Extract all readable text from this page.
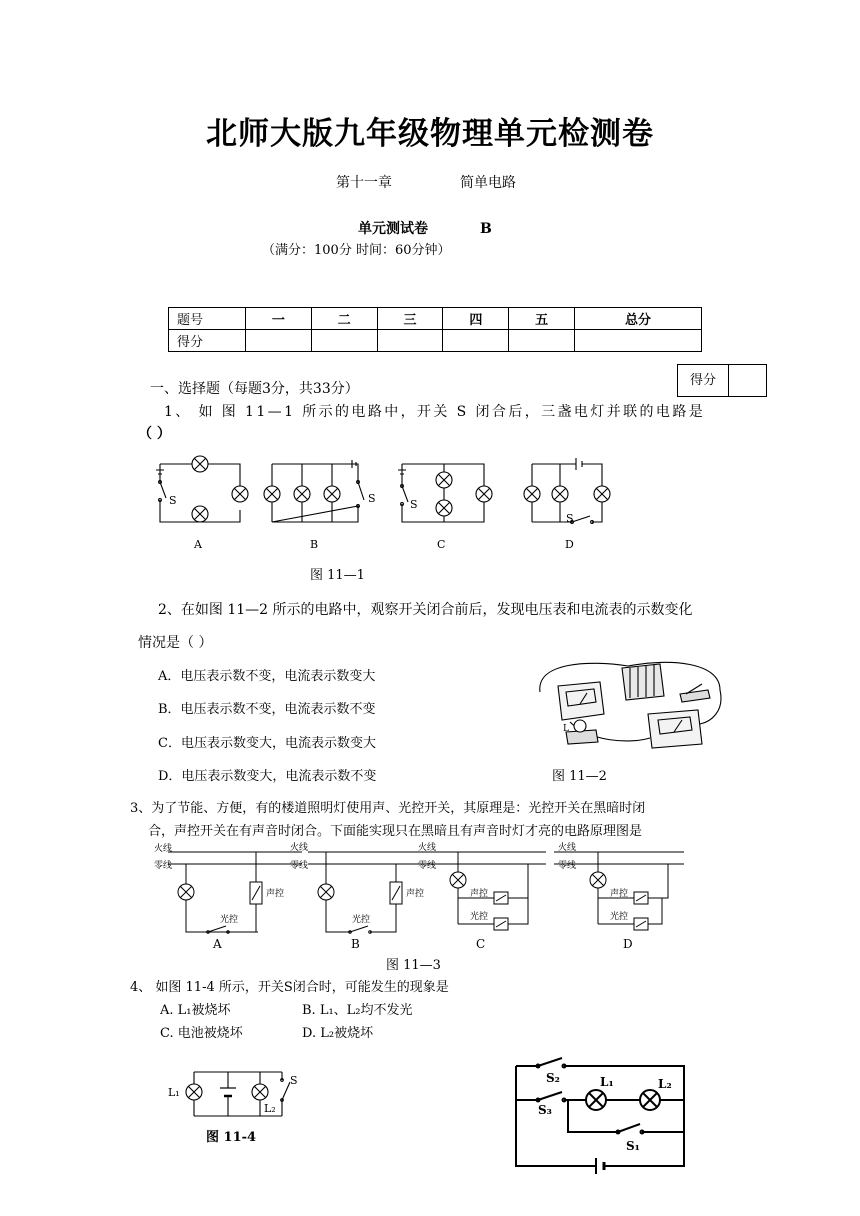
北师大版九年级物理单元检测卷
第十一章	简单电路
单元测试卷	B
（满分：100分 时间：60分钟）
题号	一	二	三	四	五	总分
得分						
得分
一、选择题（每题3分，共33分）
1、 如 图 11—1 所示的电路中，开关 S 闭合后，三盏电灯并联的电路是
（ ）
S	S	S
S
A	B	C	D
图 11—1
2、在如图 11—2 所示的电路中，观察开关闭合前后，发现电压表和电流表的示数变化
情况是（ ）
A．电压表示数不变，电流表示数变大
B．电压表示数不变，电流表示数不变
C．电压表示数变大，电流表示数变大
D．电压表示数变大，电流表示数不变
L
图 11—2
3、为了节能、方便，有的楼道照明灯使用声、光控开关，其原理是：光控开关在黑暗时闭
合，声控开关在有声音时闭合。下面能实现只在黑暗且有声音时灯才亮的电路原理图是
火线
零线
火线
零线
火线
零线
火线
零线
声控
光控
声控
光控
声控
光控
声控
光控
A	B	C	D
图 11—3
4、 如图 11-4 所示，开关S闭合时，可能发生的现象是
A. L₁被烧坏	B. L₁、L₂均不发光
C. 电池被烧坏	D. L₂被烧坏
L₁
L₂
S
图 11-4
S₂
S₃
L₁	L₂
S₁
